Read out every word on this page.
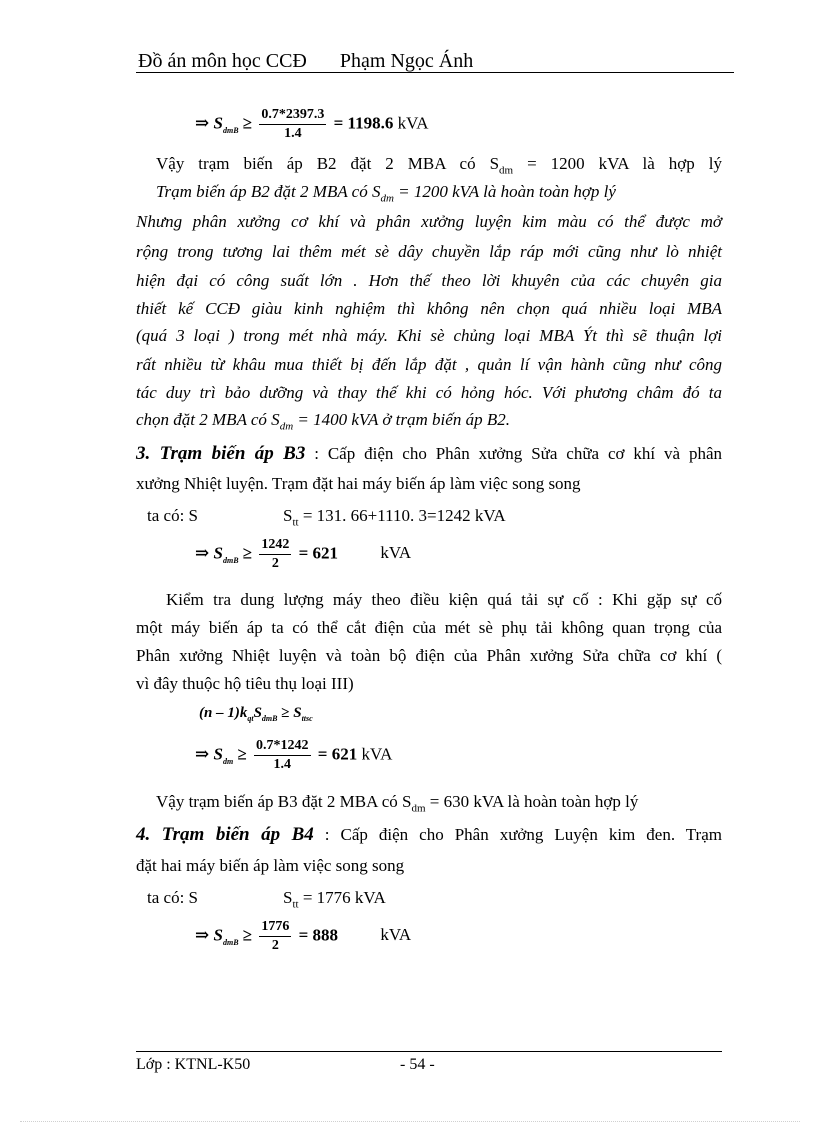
Đồ án môn học CCĐ Phạm Ngọc Ánh
⇒ $S_{dmB} \ge \frac{0.7*2397.3}{1.4} = 1198.6$ kVA
Vậy trạm biến áp B2 đặt 2 MBA có $S_{dm} = 1200$ kVA là hợp lý
Trạm biến áp B2 đặt 2 MBA có $S_{dm} = 1200$ kVA là hoàn toàn hợp lý
Nhưng phân xưởng cơ khí và phân xưởng luyện kim màu có thể được mở
rộng trong tương lai thêm mét sè dây chuyền lắp ráp mới cũng như lò nhiệt
hiện đại có công suất lớn . Hơn thế theo lời khuyên của các chuyên gia
thiết kế CCĐ giàu kinh nghiệm thì không nên chọn quá nhiều loại MBA
(quá 3 loại ) trong mét nhà máy. Khi sè chủng loại MBA Ýt thì sẽ thuận lợi
rất nhiều từ khâu mua thiết bị đến lắp đặt , quản lí vận hành cũng như công
tác duy trì bảo dưỡng và thay thế khi có hỏng hóc. Với phương châm đó ta
chọn đặt 2 MBA có $S_{dm} = 1400$ kVA ở trạm biến áp B2.
3. Trạm biến áp B3 : Cấp điện cho Phân xưởng Sửa chữa cơ khí và phân
xưởng Nhiệt luyện. Trạm đặt hai máy biến áp làm việc song song
ta có: S	$S_{tt} = 131$. 66+1110. 3=1242 kVA
⇒ $S_{dmB} \ge \frac{1242}{2} = 621$ kVA
Kiểm tra dung lượng máy theo điều kiện quá tải sự cố : Khi gặp sự cố
một máy biến áp ta có thể cắt điện của mét sè phụ tải không quan trọng của
Phân xưởng Nhiệt luyện và toàn bộ điện của Phân xưởng Sửa chữa cơ khí (
vì đây thuộc hộ tiêu thụ loại III)
$(n - 1)k_{qt}S_{dmB} \ge S_{ttsc}$
⇒ $S_{dm} \ge \frac{0.7*1242}{1.4} = 621$ kVA
Vậy trạm biến áp B3 đặt 2 MBA có $S_{dm} = 630$ kVA là hoàn toàn hợp lý
4. Trạm biến áp B4 : Cấp điện cho Phân xưởng Luyện kim đen. Trạm
đặt hai máy biến áp làm việc song song
ta có: S	$S_{tt} = 1776$ kVA
⇒ $S_{dmB} \ge \frac{1776}{2} = 888$ kVA
Lớp : KTNL-K50	- 54 -
